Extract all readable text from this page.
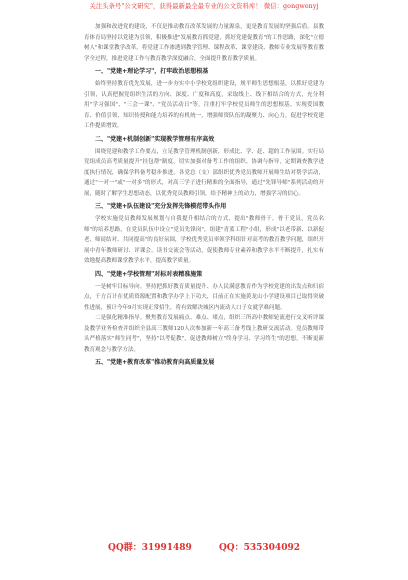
关注头条号"公文研究"，获得最新最全最专业的公文资料库！ 微信：gongwenyj

加强和改进党的建设，不仅是推动教育改革发展的力量源泉，更是教育发展的坚强后盾。县教育体育局坚持以党建为引领，积极推进"发展教育抓党建，抓好党建促教育"的工作思路，深化"立德树人"和课堂教学改革，将党建工作渗透到教学管理、课程改革、课堂建设、教师专业发展等教育教学全过程，推进党建工作与教育教学深度融合，全面提升教育教学质量。

一、"党建+理论学习"，打牢政治思想根基

始终坚持教育优先发展，进一步夯实中小学校党组织建设，规平师生思想根基，以抓好党建为引领，认真把握党组织生活的方向、深度、广度和高度，采取线上、线下相结合的方式，充分利用"学习强国"、"三会一课"、"党员活动日"等，注重打牢学校党员师生的思想根基。实现爱国教育、价值引领、知识传授和能力培养的有机统一，增强师资队伍的凝聚力、向心力，促进学校党建工作提质增效。

二、"党建+机制创新"实现教学管理有序高效

围绕党建和教学工作要点，立足教学管理机制创新，形成比、学、赶、超的工作氛围。实行局党组成员高考质量提升"挂包帮"制度，切实加强对备考工作的组织、协调与指导，定期调查教学进度执行情况，确保学科备考稳步推进。各党总（支）部组织优秀党员教师开展师生结对帮学活动，通过"一对一"或"一对多"的形式，对高三学子进行精准的全面指导，通过"先锋导师"系列活动的开展，随时了解学生思想动态，以优秀党员教师引领，给予精神上的动力，增强学习的信心。

三、"党建+队伍建设"充分发挥先锋模范带头作用

学校实施党员教师发展规划与自我提升相结合的方式，提出"教师骨干，骨干党员，党员名师"的培养思路，在党员队伍中设立"党员先锋岗"，组建"青蓝工程"小组，形成"以老带新、以新促老，师徒结对、共同提高"的良好氛围，学校优秀党员率领学科组针对高考的教育教学问题，组织开展中青年教师研讨、评课会、读书交流会等活动，促使教师专业素养和教学水平不断提升，扎实有效地提高教师课堂教学水平，提高教学质量。

四、"党建+学校管理"对标对表精准施策

一是树牢目标导向。坚持把抓好教育质量提升、办人民满意教育作为学校党建的出发点和归宿点，千方百计在优质资源配置和教学办学上下功夫，目前正在实施黄龙山小学建设项目已取得突破性进展，预计今年9月实现正常招生，将有效解决城区内流动人口子女就学难问题。

二是强化精准指导。聚焦教育发展痛点、难点、堵点，组织三所高中教师轮流进行交叉听评课及教学业务检查并组织全县高三教师120人次参加新一年高三备考线上教研交流活动。党员教师带头严格落实"师生同考"，坚持"以考促教"，促进教师树立"终身学习、学习终生"的思想，不断更新教育观念与教学方法。

五、"党建+教育改革"推动教育向高质量发展
QQ群：31991489	QQ：535304092
